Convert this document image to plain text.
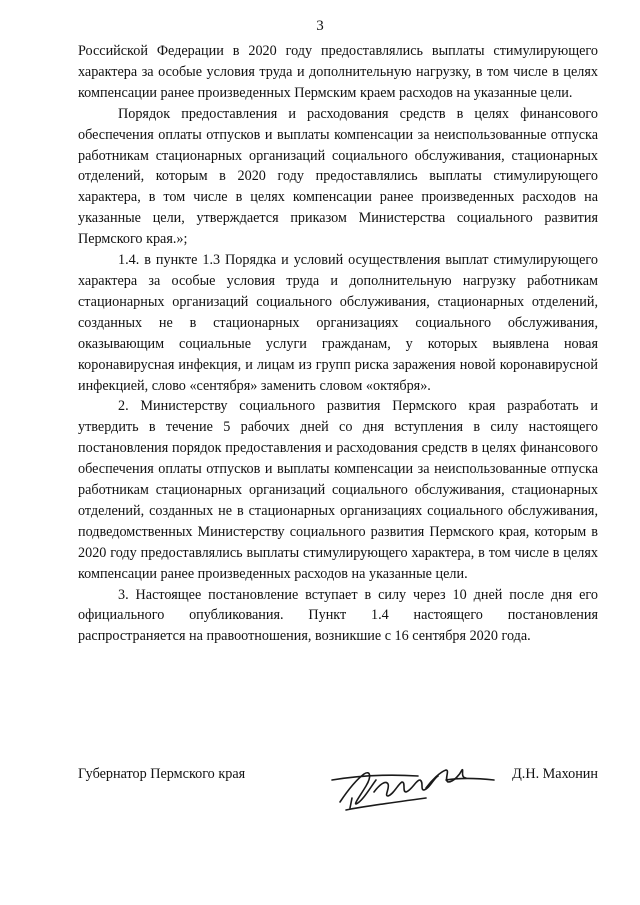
3

Российской Федерации в 2020 году предоставлялись выплаты стимулирующего характера за особые условия труда и дополнительную нагрузку, в том числе в целях компенсации ранее произведенных Пермским краем расходов на указанные цели.

Порядок предоставления и расходования средств в целях финансового обеспечения оплаты отпусков и выплаты компенсации за неиспользованные отпуска работникам стационарных организаций социального обслуживания, стационарных отделений, которым в 2020 году предоставлялись выплаты стимулирующего характера, в том числе в целях компенсации ранее произведенных расходов на указанные цели, утверждается приказом Министерства социального развития Пермского края.»;

1.4. в пункте 1.3 Порядка и условий осуществления выплат стимулирующего характера за особые условия труда и дополнительную нагрузку работникам стационарных организаций социального обслуживания, стационарных отделений, созданных не в стационарных организациях социального обслуживания, оказывающим социальные услуги гражданам, у которых выявлена новая коронавирусная инфекция, и лицам из групп риска заражения новой коронавирусной инфекцией, слово «сентября» заменить словом «октября».

2. Министерству социального развития Пермского края разработать и утвердить в течение 5 рабочих дней со дня вступления в силу настоящего постановления порядок предоставления и расходования средств в целях финансового обеспечения оплаты отпусков и выплаты компенсации за неиспользованные отпуска работникам стационарных организаций социального обслуживания, стационарных отделений, созданных не в стационарных организациях социального обслуживания, подведомственных Министерству социального развития Пермского края, которым в 2020 году предоставлялись выплаты стимулирующего характера, в том числе в целях компенсации ранее произведенных расходов на указанные цели.

3. Настоящее постановление вступает в силу через 10 дней после дня его официального опубликования. Пункт 1.4 настоящего постановления распространяется на правоотношения, возникшие с 16 сентября 2020 года.

Губернатор Пермского края	Д.Н. Махонин
